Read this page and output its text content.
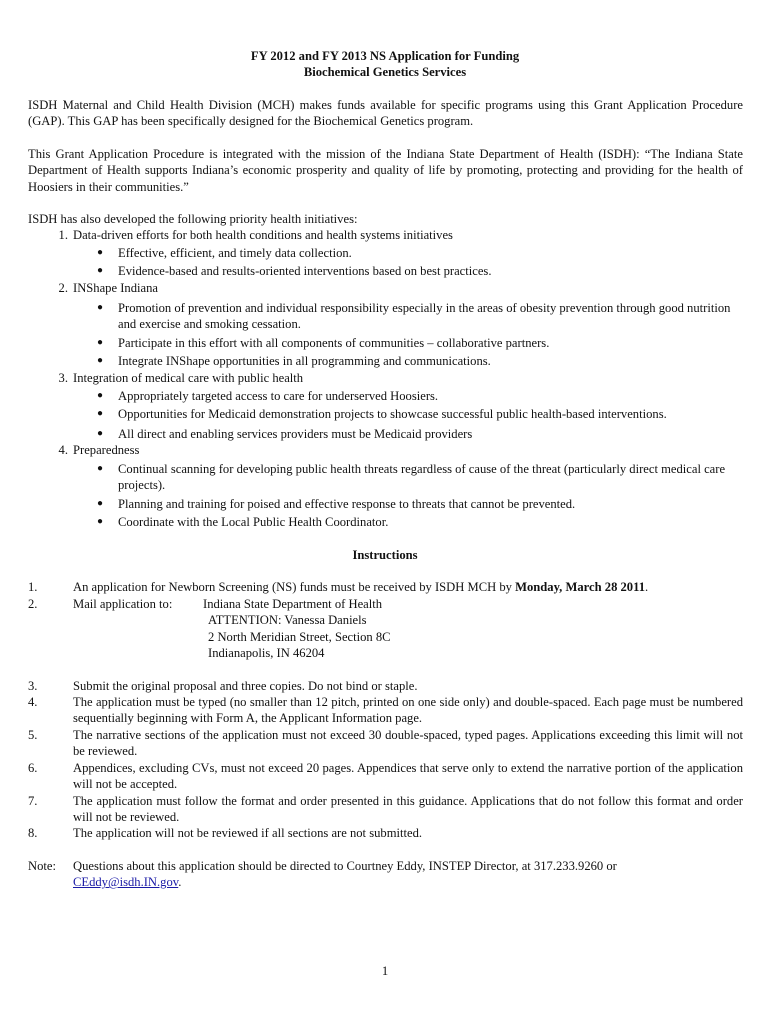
FY 2012 and FY 2013 NS Application for Funding
Biochemical Genetics Services
ISDH Maternal and Child Health Division (MCH) makes funds available for specific programs using this Grant Application Procedure (GAP). This GAP has been specifically designed for the Biochemical Genetics program.
This Grant Application Procedure is integrated with the mission of the Indiana State Department of Health (ISDH): “The Indiana State Department of Health supports Indiana’s economic prosperity and quality of life by promoting, protecting and providing for the health of Hoosiers in their communities.”
ISDH has also developed the following priority health initiatives:
1. Data-driven efforts for both health conditions and health systems initiatives
●	Effective, efficient, and timely data collection.
●	Evidence-based and results-oriented interventions based on best practices.
2. INShape Indiana
●	Promotion of prevention and individual responsibility especially in the areas of obesity prevention through good nutrition and exercise and smoking cessation.
●	Participate in this effort with all components of communities – collaborative partners.
●	Integrate INShape opportunities in all programming and communications.
3. Integration of medical care with public health
●	Appropriately targeted access to care for underserved Hoosiers.
●	Opportunities for Medicaid demonstration projects to showcase successful public health-based interventions.
●	All direct and enabling services providers must be Medicaid providers
4. Preparedness
●	Continual scanning for developing public health threats regardless of cause of the threat (particularly direct medical care projects).
●	Planning and training for poised and effective response to threats that cannot be prevented.
●	Coordinate with the Local Public Health Coordinator.
Instructions
1.	An application for Newborn Screening (NS) funds must be received by ISDH MCH by Monday, March 28 2011.
2.	Mail application to: Indiana State Department of Health
ATTENTION: Vanessa Daniels
2 North Meridian Street, Section 8C
Indianapolis, IN 46204
3.	Submit the original proposal and three copies. Do not bind or staple.
4.	The application must be typed (no smaller than 12 pitch, printed on one side only) and double-spaced. Each page must be numbered sequentially beginning with Form A, the Applicant Information page.
5.	The narrative sections of the application must not exceed 30 double-spaced, typed pages. Applications exceeding this limit will not be reviewed.
6.	Appendices, excluding CVs, must not exceed 20 pages. Appendices that serve only to extend the narrative portion of the application will not be accepted.
7.	The application must follow the format and order presented in this guidance. Applications that do not follow this format and order will not be reviewed.
8.	The application will not be reviewed if all sections are not submitted.
Note: Questions about this application should be directed to Courtney Eddy, INSTEP Director, at 317.233.9260 or
CEddy@isdh.IN.gov.
1
